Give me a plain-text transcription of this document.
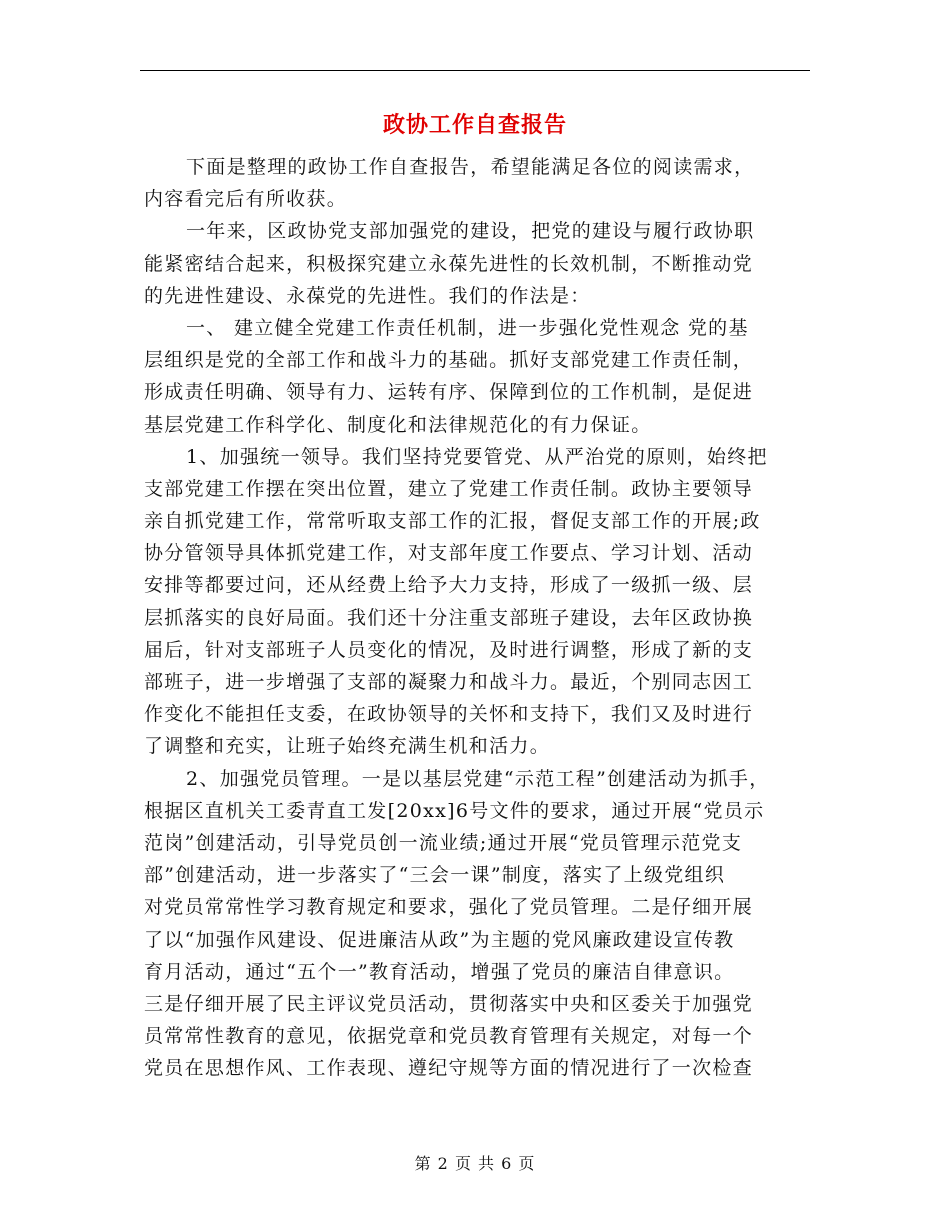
政协工作自查报告
下面是整理的政协工作自查报告，希望能满足各位的阅读需求，
内容看完后有所收获。
一年来，区政协党支部加强党的建设，把党的建设与履行政协职
能紧密结合起来，积极探究建立永葆先进性的长效机制，不断推动党
的先进性建设、永葆党的先进性。我们的作法是：
一、 建立健全党建工作责任机制，进一步强化党性观念 党的基
层组织是党的全部工作和战斗力的基础。抓好支部党建工作责任制，
形成责任明确、领导有力、运转有序、保障到位的工作机制，是促进
基层党建工作科学化、制度化和法律规范化的有力保证。
1、加强统一领导。我们坚持党要管党、从严治党的原则，始终把
支部党建工作摆在突出位置，建立了党建工作责任制。政协主要领导
亲自抓党建工作，常常听取支部工作的汇报，督促支部工作的开展;政
协分管领导具体抓党建工作，对支部年度工作要点、学习计划、活动
安排等都要过问，还从经费上给予大力支持，形成了一级抓一级、层
层抓落实的良好局面。我们还十分注重支部班子建设，去年区政协换
届后，针对支部班子人员变化的情况，及时进行调整，形成了新的支
部班子，进一步增强了支部的凝聚力和战斗力。最近，个别同志因工
作变化不能担任支委，在政协领导的关怀和支持下，我们又及时进行
了调整和充实，让班子始终充满生机和活力。
2、加强党员管理。一是以基层党建“示范工程”创建活动为抓手，
根据区直机关工委青直工发[20xx]6号文件的要求，通过开展“党员示
范岗”创建活动，引导党员创一流业绩;通过开展“党员管理示范党支
部”创建活动，进一步落实了“三会一课”制度，落实了上级党组织
对党员常常性学习教育规定和要求，强化了党员管理。二是仔细开展
了以“加强作风建设、促进廉洁从政”为主题的党风廉政建设宣传教
育月活动，通过“五个一”教育活动，增强了党员的廉洁自律意识。
三是仔细开展了民主评议党员活动，贯彻落实中央和区委关于加强党
员常常性教育的意见，依据党章和党员教育管理有关规定，对每一个
党员在思想作风、工作表现、遵纪守规等方面的情况进行了一次检查
第 2 页 共 6 页
